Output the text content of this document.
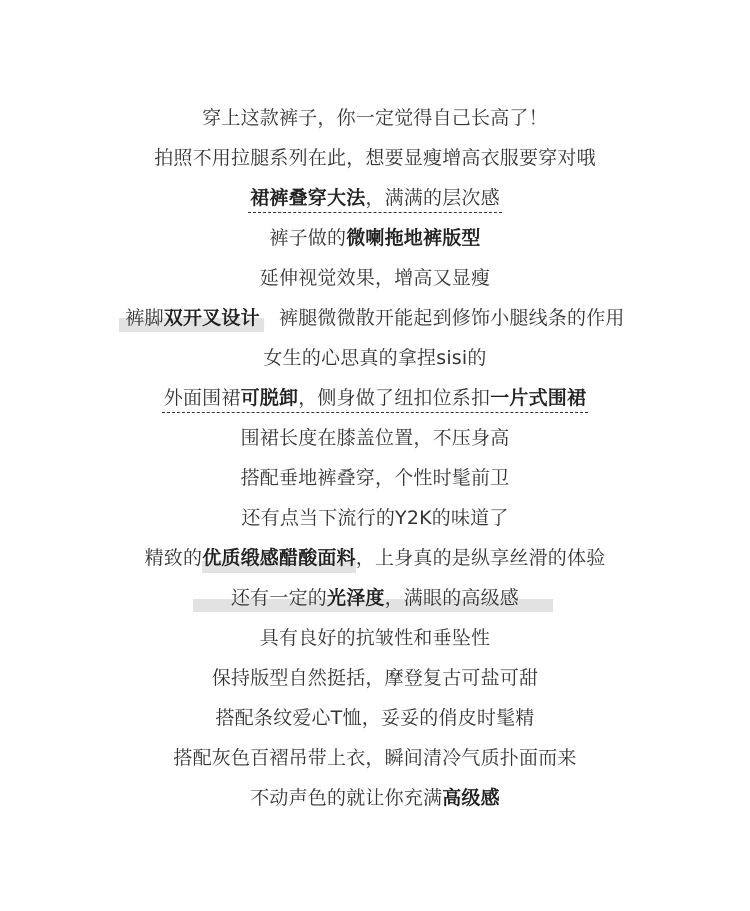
穿上这款裤子，你一定觉得自己长高了！
拍照不用拉腿系列在此，想要显瘦增高衣服要穿对哦
裙裤叠穿大法，满满的层次感
裤子做的微喇拖地裤版型
延伸视觉效果，增高又显瘦
裤脚双开叉设计，裤腿微微散开能起到修饰小腿线条的作用
女生的心思真的拿捏sisi的
外面围裙可脱卸，侧身做了纽扣位系扣一片式围裙
围裙长度在膝盖位置，不压身高
搭配垂地裤叠穿，个性时髦前卫
还有点当下流行的Y2K的味道了
精致的优质缎感醋酸面料，上身真的是纵享丝滑的体验
还有一定的光泽度，满眼的高级感
具有良好的抗皱性和垂坠性
保持版型自然挺括，摩登复古可盐可甜
搭配条纹爱心T恤，妥妥的俏皮时髦精
搭配灰色百褶吊带上衣，瞬间清冷气质扑面而来
不动声色的就让你充满高级感
